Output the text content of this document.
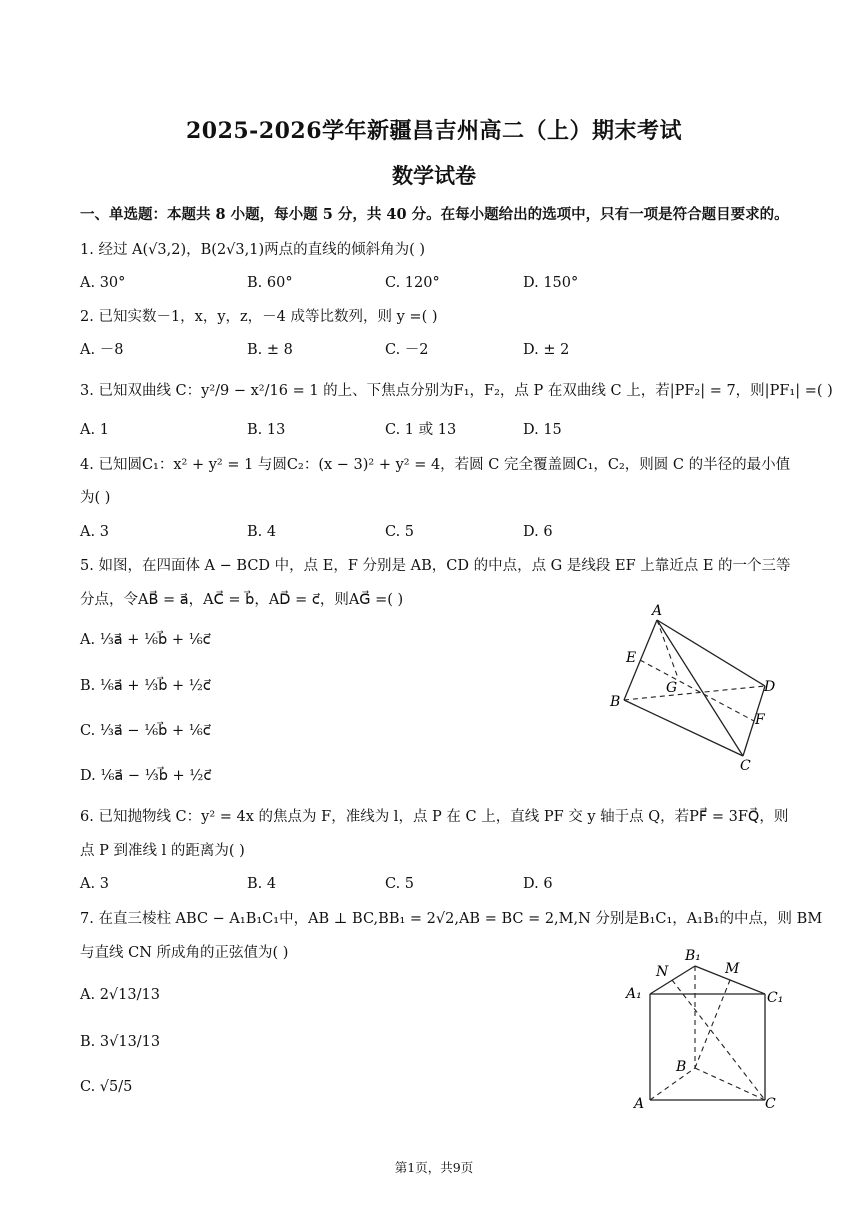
2025-2026学年新疆昌吉州高二（上）期末考试
数学试卷
一、单选题：本题共 8 小题，每小题 5 分，共 40 分。在每小题给出的选项中，只有一项是符合题目要求的。
1. 经过 A(√3,2)，B(2√3,1)两点的直线的倾斜角为( )
A. 30°	B. 60°	C. 120°	D. 150°
2. 已知实数－1，x，y，z，－4 成等比数列，则 y =( )
A. －8	B. ± 8	C. －2	D. ± 2
3. 已知双曲线 C：y²/9 − x²/16 = 1 的上、下焦点分别为F₁，F₂，点 P 在双曲线 C 上，若|PF₂| = 7，则|PF₁| =( )
A. 1	B. 13	C. 1 或 13	D. 15
4. 已知圆C₁：x² + y² = 1 与圆C₂：(x − 3)² + y² = 4，若圆 C 完全覆盖圆C₁，C₂，则圆 C 的半径的最小值
为( )
A. 3	B. 4	C. 5	D. 6
5. 如图，在四面体 A − BCD 中，点 E，F 分别是 AB，CD 的中点，点 G 是线段 EF 上靠近点 E 的一个三等
分点，令AB⃗ = a⃗，AC⃗ = b⃗，AD⃗ = c⃗，则AG⃗ =( )
A. ⅓a⃗ + ⅙b⃗ + ⅙c⃗
B. ⅙a⃗ + ⅓b⃗ + ½c⃗
C. ⅓a⃗ − ⅙b⃗ + ⅙c⃗
D. ⅙a⃗ − ⅓b⃗ + ½c⃗
A
E
G	D
B
F
C
6. 已知抛物线 C：y² = 4x 的焦点为 F，准线为 l，点 P 在 C 上，直线 PF 交 y 轴于点 Q，若PF⃗ = 3FQ⃗，则
点 P 到准线 l 的距离为( )
A. 3	B. 4	C. 5	D. 6
7. 在直三棱柱 ABC − A₁B₁C₁中，AB ⊥ BC,BB₁ = 2√2,AB = BC = 2,M,N 分别是B₁C₁，A₁B₁的中点，则 BM
与直线 CN 所成角的正弦值为( )
A. 2√13/13
B. 3√13/13
C. √5/5
B₁
N	M
A₁	C₁
B
A	C
第1页，共9页
